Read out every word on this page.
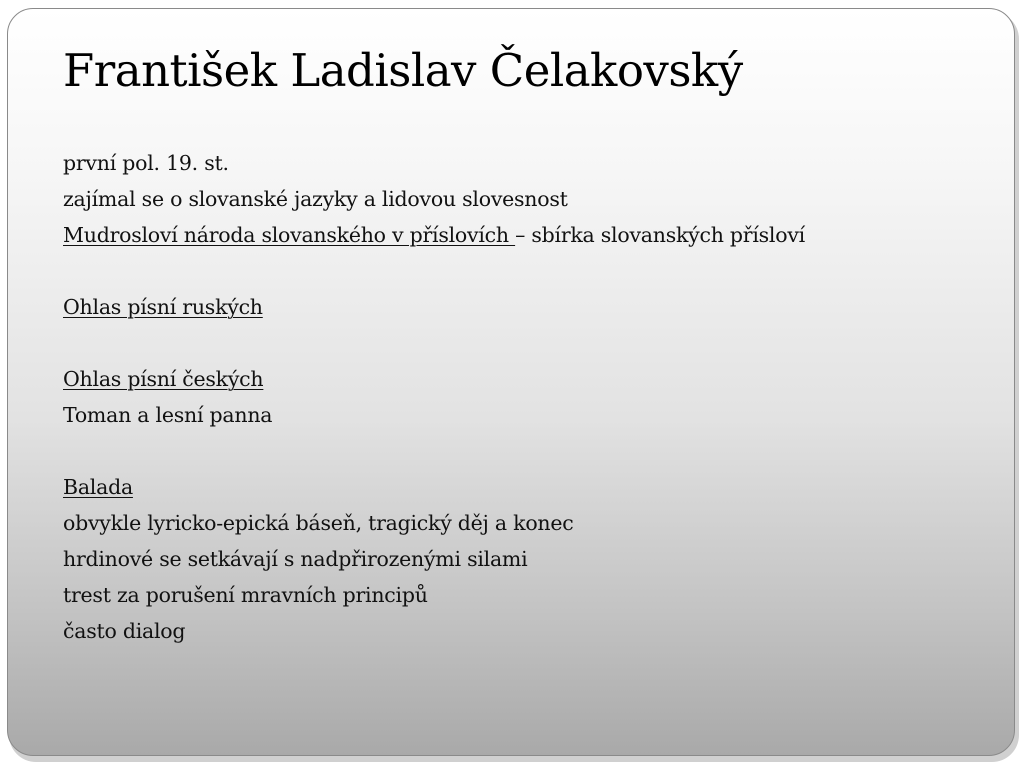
František Ladislav Čelakovský
první pol. 19. st.
zajímal se o slovanské jazyky a lidovou slovesnost
Mudrosloví národa slovanského v příslovích – sbírka slovanských přísloví
Ohlas písní ruských
Ohlas písní českých
Toman a lesní panna
Balada
obvykle lyricko-epická báseň, tragický děj a konec
hrdinové se setkávají s nadpřirozenými silami
trest za porušení mravních principů
často dialog
